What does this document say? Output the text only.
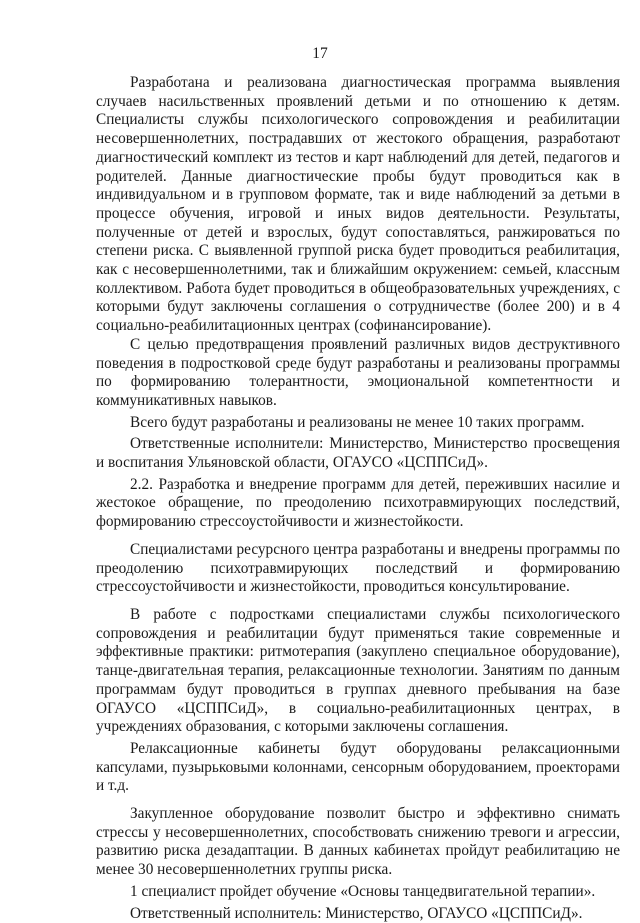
17

Разработана и реализована диагностическая программа выявления случаев насильственных проявлений детьми и по отношению к детям. Специалисты службы психологического сопровождения и реабилитации несовершеннолетних, пострадавших от жестокого обращения, разработают диагностический комплект из тестов и карт наблюдений для детей, педагогов и родителей. Данные диагностические пробы будут проводиться как в индивидуальном и в групповом формате, так и виде наблюдений за детьми в процессе обучения, игровой и иных видов деятельности. Результаты, полученные от детей и взрослых, будут сопоставляться, ранжироваться по степени риска. С выявленной группой риска будет проводиться реабилитация, как с несовершеннолетними, так и ближайшим окружением: семьей, классным коллективом. Работа будет проводиться в общеобразовательных учреждениях, с которыми будут заключены соглашения о сотрудничестве (более 200) и в 4 социально-реабилитационных центрах (софинансирование).

С целью предотвращения проявлений различных видов деструктивного поведения в подростковой среде будут разработаны и реализованы программы по формированию толерантности, эмоциональной компетентности и коммуникативных навыков.

Всего будут разработаны и реализованы не менее 10 таких программ.

Ответственные исполнители: Министерство, Министерство просвещения и воспитания Ульяновской области, ОГАУСО «ЦСППСиД».

2.2. Разработка и внедрение программ для детей, переживших насилие и жестокое обращение, по преодолению психотравмирующих последствий, формированию стрессоустойчивости и жизнестойкости.

Специалистами ресурсного центра разработаны и внедрены программы по преодолению психотравмирующих последствий и формированию стрессоустойчивости и жизнестойкости, проводиться консультирование.

В работе с подростками специалистами службы психологического сопровождения и реабилитации будут применяться такие современные и эффективные практики: ритмотерапия (закуплено специальное оборудование), танце-двигательная терапия, релаксационные технологии. Занятиям по данным программам будут проводиться в группах дневного пребывания на базе ОГАУСО «ЦСППСиД», в социально-реабилитационных центрах, в учреждениях образования, с которыми заключены соглашения.

Релаксационные кабинеты будут оборудованы релаксационными капсулами, пузырьковыми колоннами, сенсорным оборудованием, проекторами и т.д.

Закупленное оборудование позволит быстро и эффективно снимать стрессы у несовершеннолетних, способствовать снижению тревоги и агрессии, развитию риска дезадаптации. В данных кабинетах пройдут реабилитацию не менее 30 несовершеннолетних группы риска.

1 специалист пройдет обучение «Основы танцедвигательной терапии».

Ответственный исполнитель: Министерство, ОГАУСО «ЦСППСиД».
